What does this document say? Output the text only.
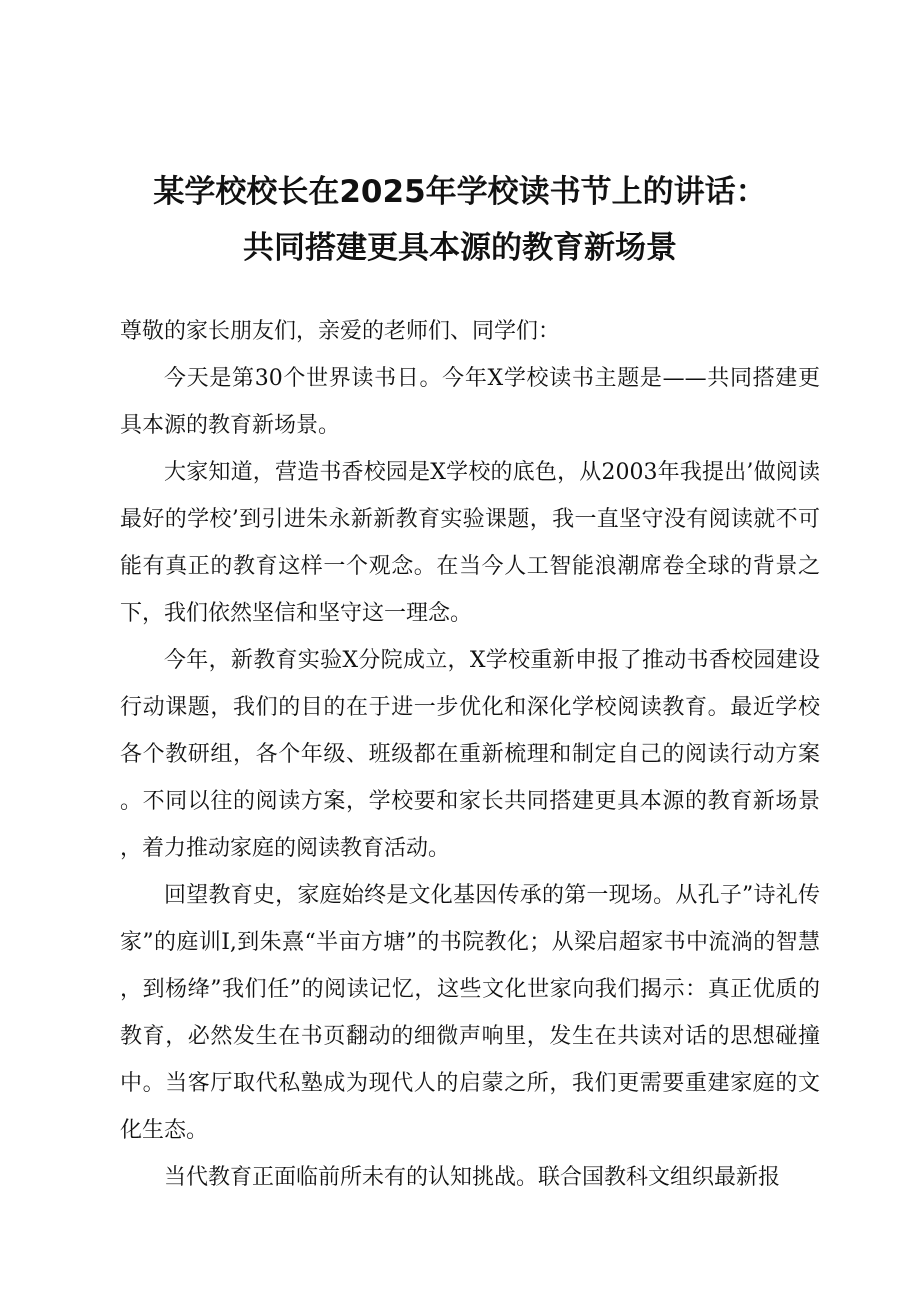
某学校校长在2025年学校读书节上的讲话：
共同搭建更具本源的教育新场景

尊敬的家长朋友们，亲爱的老师们、同学们：

今天是第30个世界读书日。今年X学校读书主题是——共同搭建更具本源的教育新场景。

大家知道，营造书香校园是X学校的底色，从2003年我提出’做阅读最好的学校’到引进朱永新新教育实验课题，我一直坚守没有阅读就不可能有真正的教育这样一个观念。在当今人工智能浪潮席卷全球的背景之下，我们依然坚信和坚守这一理念。

今年，新教育实验X分院成立，X学校重新申报了推动书香校园建设行动课题，我们的目的在于进一步优化和深化学校阅读教育。最近学校各个教研组，各个年级、班级都在重新梳理和制定自己的阅读行动方案。不同以往的阅读方案，学校要和家长共同搭建更具本源的教育新场景，着力推动家庭的阅读教育活动。

回望教育史，家庭始终是文化基因传承的第一现场。从孔子”诗礼传家”的庭训I,到朱熹“半亩方塘”的书院教化；从梁启超家书中流淌的智慧，到杨绛”我们任”的阅读记忆，这些文化世家向我们揭示：真正优质的教育，必然发生在书页翻动的细微声响里，发生在共读对话的思想碰撞中。当客厅取代私塾成为现代人的启蒙之所，我们更需要重建家庭的文化生态。

当代教育正面临前所未有的认知挑战。联合国教科文组织最新报
